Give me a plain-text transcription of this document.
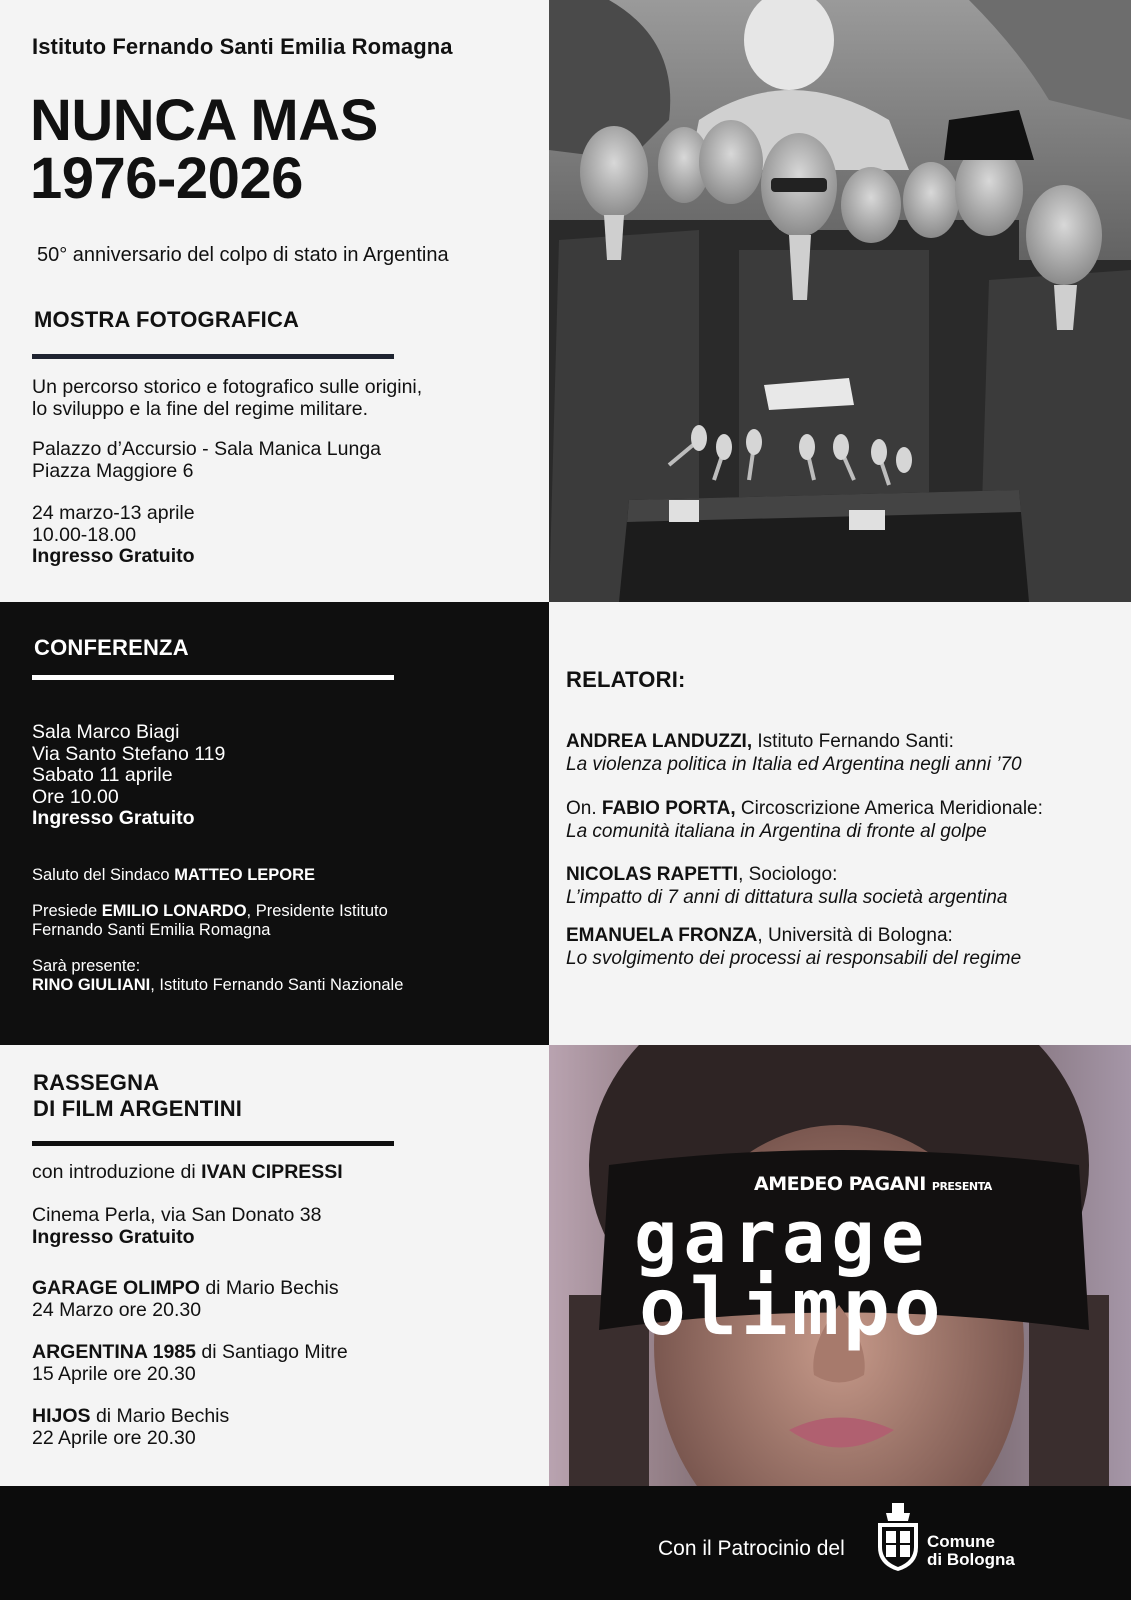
Istituto Fernando Santi Emilia Romagna
NUNCA MAS
1976-2026
50° anniversario del colpo di stato in Argentina
MOSTRA FOTOGRAFICA
Un percorso storico e fotografico sulle origini,
lo sviluppo e la fine del regime militare.
Palazzo d’Accursio - Sala Manica Lunga
Piazza Maggiore 6
24 marzo-13 aprile
10.00-18.00
Ingresso Gratuito
CONFERENZA
Sala Marco Biagi
Via Santo Stefano 119
Sabato 11 aprile
Ore 10.00
Ingresso Gratuito
Saluto del Sindaco MATTEO LEPORE
Presiede EMILIO LONARDO, Presidente Istituto
Fernando Santi Emilia Romagna
Sarà presente:
RINO GIULIANI, Istituto Fernando Santi Nazionale
RELATORI:
ANDREA LANDUZZI, Istituto Fernando Santi:
La violenza politica in Italia ed Argentina negli anni ’70
On. FABIO PORTA, Circoscrizione America Meridionale:
La comunità italiana in Argentina di fronte al golpe
NICOLAS RAPETTI, Sociologo:
L’impatto di 7 anni di dittatura sulla società argentina
EMANUELA FRONZA, Università di Bologna:
Lo svolgimento dei processi ai responsabili del regime
RASSEGNA
DI FILM ARGENTINI
con introduzione di IVAN CIPRESSI
Cinema Perla, via San Donato 38
Ingresso Gratuito
GARAGE OLIMPO di Mario Bechis
24 Marzo ore 20.30
ARGENTINA 1985 di Santiago Mitre
15 Aprile ore 20.30
HIJOS di Mario Bechis
22 Aprile ore 20.30
AMEDEO PAGANI PRESENTA
garage
olimpo
Con il Patrocinio del	Comune
di Bologna
